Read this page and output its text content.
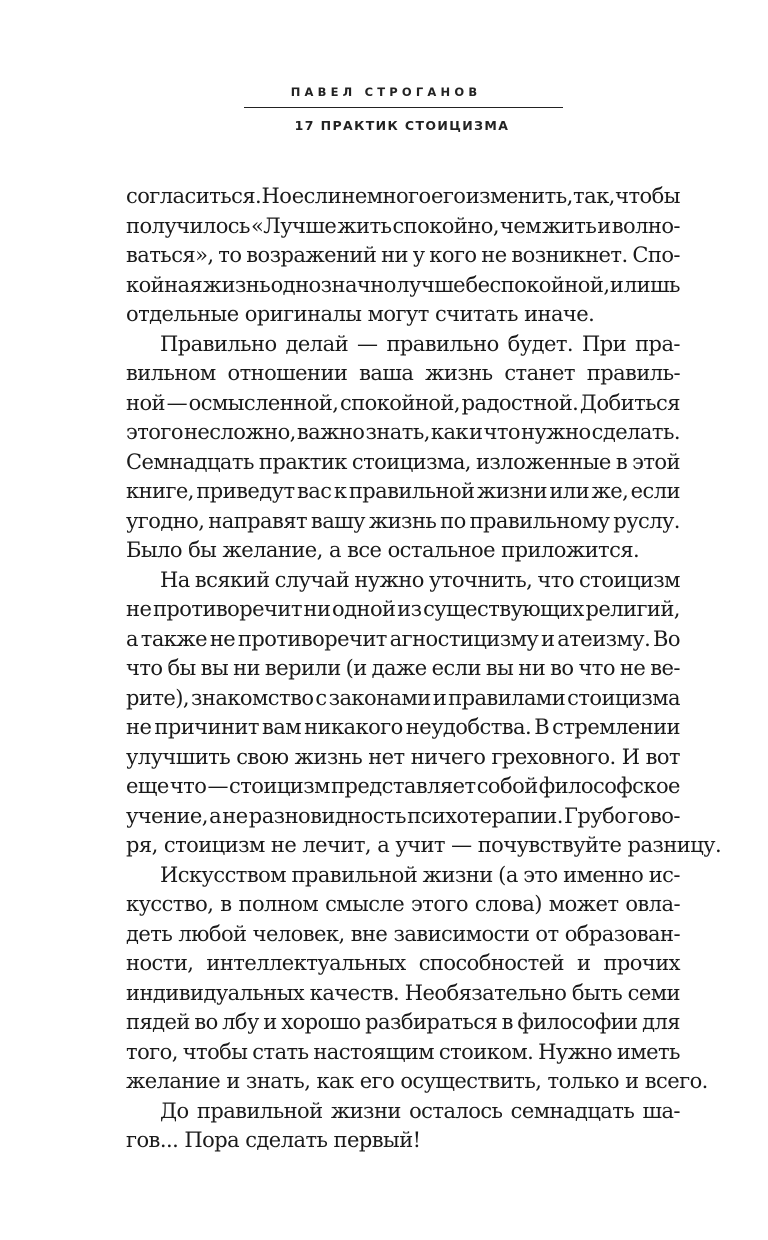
ПАВЕЛ СТРОГАНОВ
17 ПРАКТИК СТОИЦИЗМА
согласиться. Но если немного его изменить, так, чтобы
получилось «Лучше жить спокойно, чем жить и волно-
ваться», то возражений ни у кого не возникнет. Спо-
койная жизнь однозначно лучше беспокойной, и лишь
отдельные
оригиналы
могут
считать
иначе.

Правильно делай — правильно будет. При пра-
вильном отношении ваша жизнь станет правиль-
ной — осмысленной, спокойной, радостной. Добиться
этого несложно, важно знать, как и что нужно сделать.
Семнадцать практик стоицизма, изложенные в этой
книге, приведут вас к правильной жизни или же, если
угодно, направят вашу жизнь по правильному руслу.
Было
бы
желание,
а
все
остальное
приложится.

На всякий случай нужно уточнить, что стоицизм
не противоречит ни одной из существующих религий,
а также не противоречит агностицизму и атеизму. Во
что бы вы ни верили (и даже если вы ни во что не ве-
рите), знакомство с законами и правилами стоицизма
не причинит вам никакого неудобства. В стремлении
улучшить свою жизнь нет ничего греховного. И вот
еще что — стоицизм представляет собой философское
учение, а не разновидность психотерапии. Грубо гово-
ря,
стоицизм
не
лечит,
а
учит
—
почувствуйте
разницу.

Искусством правильной жизни (а это именно ис-
кусство, в полном смысле этого слова) может овла-
деть любой человек, вне зависимости от образован-
ности, интеллектуальных способностей и прочих
индивидуальных качеств. Необязательно быть семи
пядей во лбу и хорошо разбираться в философии для
того, чтобы стать настоящим стоиком. Нужно иметь
желание
и
знать,
как
его
осуществить,
только
и
всего.

До правильной жизни осталось семнадцать ша-
гов...
Пора
сделать
первый!
